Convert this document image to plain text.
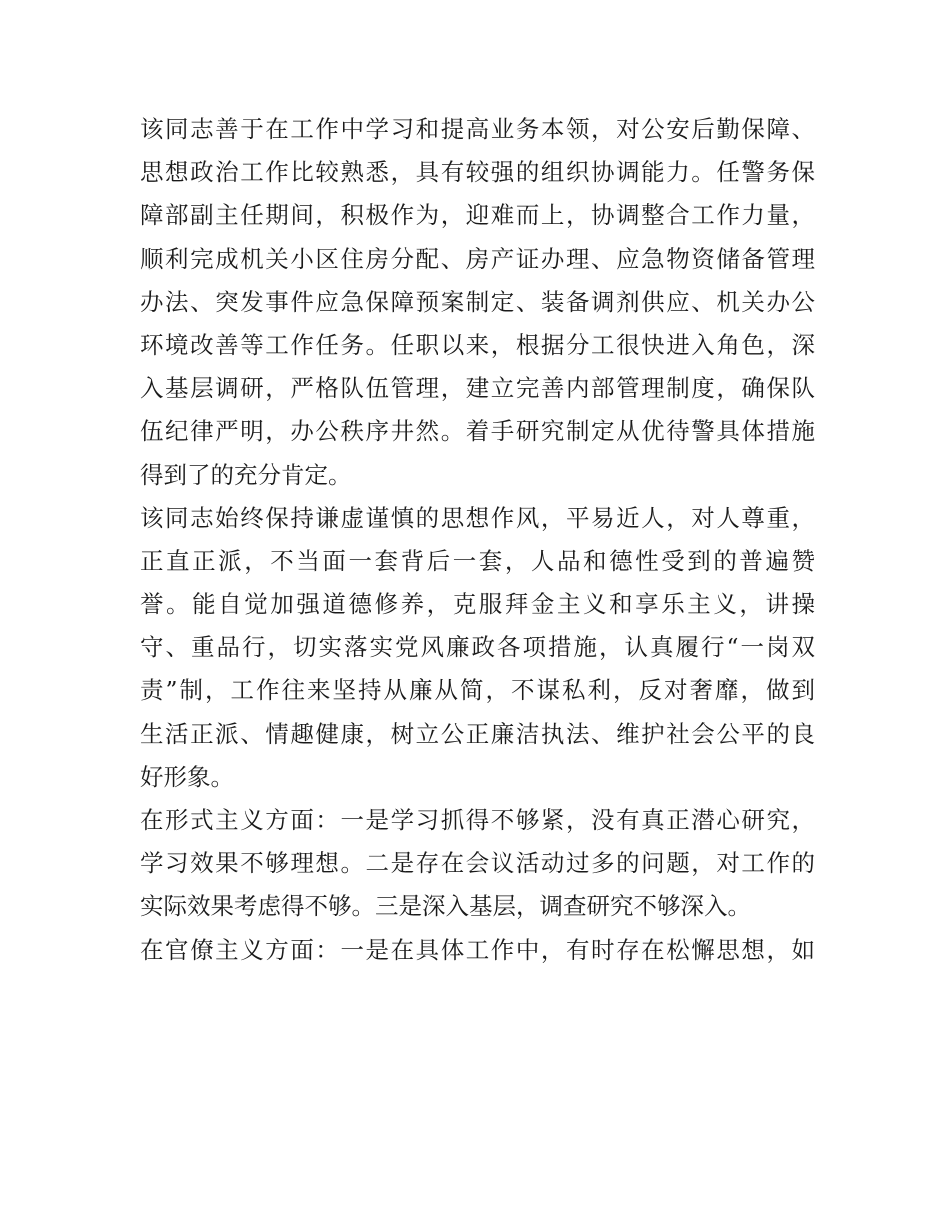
该同志善于在工作中学习和提高业务本领，对公安后勤保障、
思想政治工作比较熟悉，具有较强的组织协调能力。任警务保
障部副主任期间，积极作为，迎难而上，协调整合工作力量，
顺利完成机关小区住房分配、房产证办理、应急物资储备管理
办法、突发事件应急保障预案制定、装备调剂供应、机关办公
环境改善等工作任务。任职以来，根据分工很快进入角色，深
入基层调研，严格队伍管理，建立完善内部管理制度，确保队
伍纪律严明，办公秩序井然。着手研究制定从优待警具体措施
得到了的充分肯定。
该同志始终保持谦虚谨慎的思想作风，平易近人，对人尊重，
正直正派，不当面一套背后一套，人品和德性受到的普遍赞
誉。能自觉加强道德修养，克服拜金主义和享乐主义，讲操
守、重品行，切实落实党风廉政各项措施，认真履行“一岗双
责”制，工作往来坚持从廉从简，不谋私利，反对奢靡，做到
生活正派、情趣健康，树立公正廉洁执法、维护社会公平的良
好形象。
在形式主义方面：一是学习抓得不够紧，没有真正潜心研究，
学习效果不够理想。二是存在会议活动过多的问题，对工作的
实际效果考虑得不够。三是深入基层，调查研究不够深入。
在官僚主义方面：一是在具体工作中，有时存在松懈思想，如
